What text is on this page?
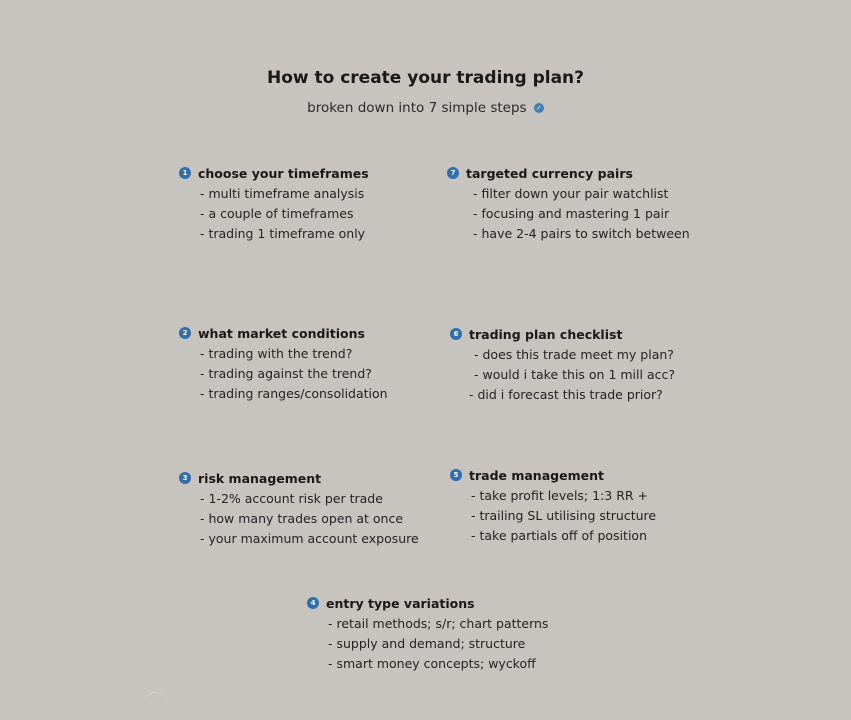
How to create your trading plan?
broken down into 7 simple steps ✓
1 choose your timeframes
- multi timeframe analysis
- a couple of timeframes
- trading 1 timeframe only
7 targeted currency pairs
- filter down your pair watchlist
- focusing and mastering 1 pair
- have 2-4 pairs to switch between
2 what market conditions
- trading with the trend?
- trading against the trend?
- trading ranges/consolidation
6 trading plan checklist
- does this trade meet my plan?
- would i take this on 1 mill acc?
- did i forecast this trade prior?
3 risk management
- 1-2% account risk per trade
- how many trades open at once
- your maximum account exposure
5 trade management
- take profit levels; 1:3 RR +
- trailing SL utilising structure
- take partials off of position
4 entry type variations
- retail methods; s/r; chart patterns
- supply and demand; structure
- smart money concepts; wyckoff
